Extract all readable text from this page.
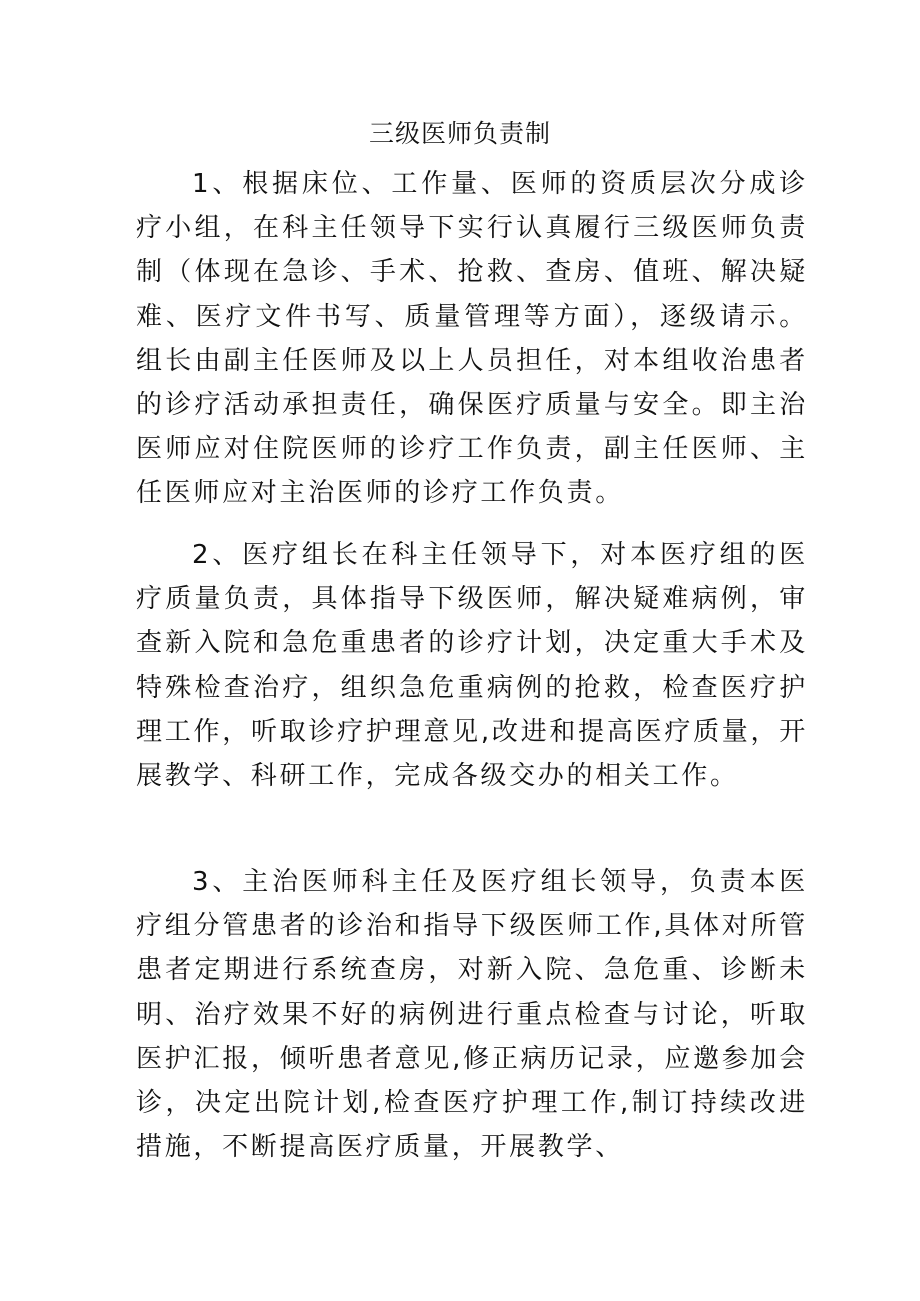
三级医师负责制

1、根据床位、工作量、医师的资质层次分成诊疗小组，在科主任领导下实行认真履行三级医师负责制（体现在急诊、手术、抢救、查房、值班、解决疑难、医疗文件书写、质量管理等方面），逐级请示。组长由副主任医师及以上人员担任，对本组收治患者的诊疗活动承担责任，确保医疗质量与安全。即主治医师应对住院医师的诊疗工作负责，副主任医师、主任医师应对主治医师的诊疗工作负责。

2、医疗组长在科主任领导下，对本医疗组的医疗质量负责，具体指导下级医师，解决疑难病例，审查新入院和急危重患者的诊疗计划，决定重大手术及特殊检查治疗，组织急危重病例的抢救，检查医疗护理工作，听取诊疗护理意见,改进和提高医疗质量，开展教学、科研工作，完成各级交办的相关工作。

3、主治医师科主任及医疗组长领导，负责本医疗组分管患者的诊治和指导下级医师工作,具体对所管患者定期进行系统查房，对新入院、急危重、诊断未明、治疗效果不好的病例进行重点检查与讨论，听取医护汇报，倾听患者意见,修正病历记录，应邀参加会诊，决定出院计划,检查医疗护理工作,制订持续改进措施，不断提高医疗质量，开展教学、
